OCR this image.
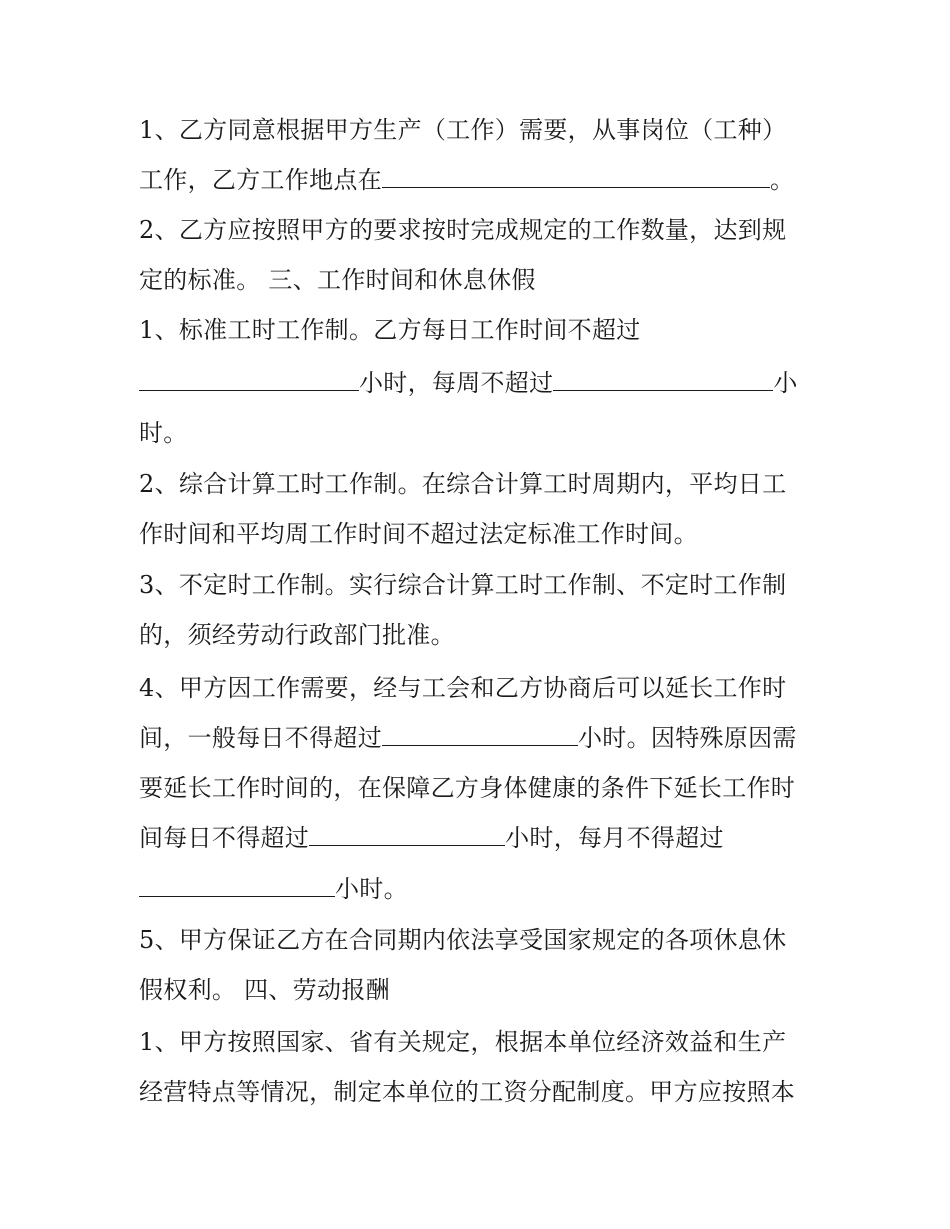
1、乙方同意根据甲方生产（工作）需要，从事岗位（工种）
工作，乙方工作地点在	。
2、乙方应按照甲方的要求按时完成规定的工作数量，达到规
定的标准。 三、工作时间和休息休假
1、标准工时工作制。乙方每日工作时间不超过
小时，每周不超过	小
时。
2、综合计算工时工作制。在综合计算工时周期内，平均日工
作时间和平均周工作时间不超过法定标准工作时间。
3、不定时工作制。实行综合计算工时工作制、不定时工作制
的，须经劳动行政部门批准。
4、甲方因工作需要，经与工会和乙方协商后可以延长工作时
间，一般每日不得超过	小时。因特殊原因需
要延长工作时间的，在保障乙方身体健康的条件下延长工作时
间每日不得超过	小时，每月不得超过
小时。
5、甲方保证乙方在合同期内依法享受国家规定的各项休息休
假权利。 四、劳动报酬
1、甲方按照国家、省有关规定，根据本单位经济效益和生产
经营特点等情况，制定本单位的工资分配制度。甲方应按照本
